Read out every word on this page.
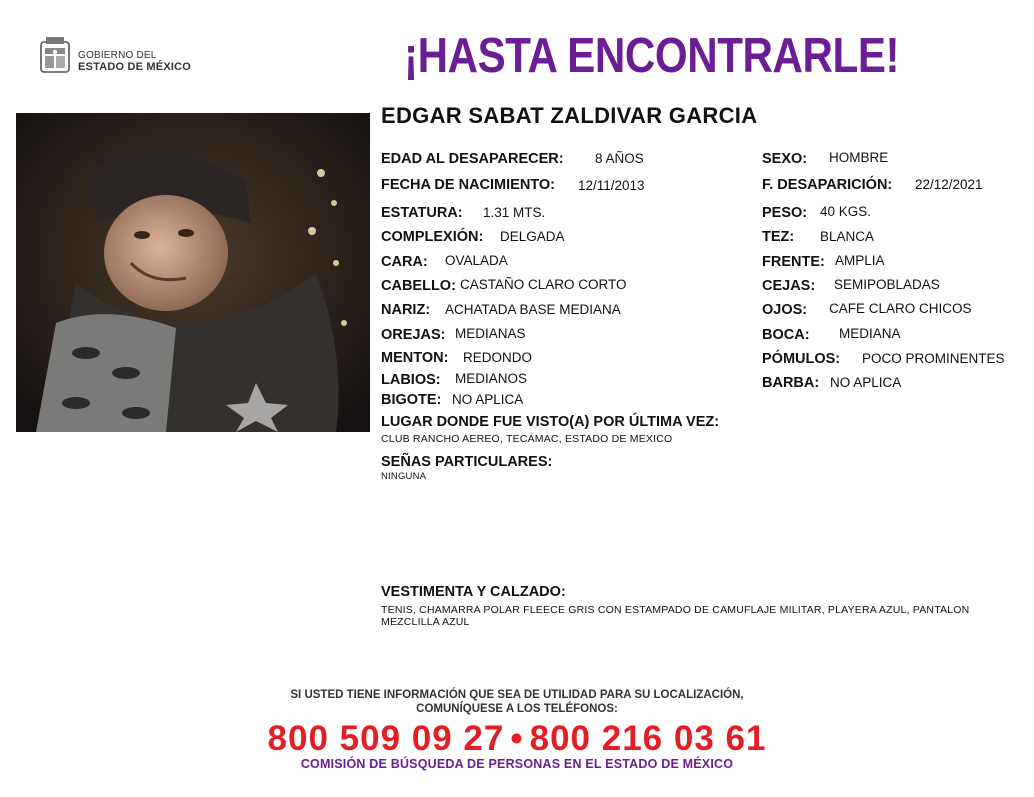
GOBIERNO DEL
ESTADO DE MÉXICO	¡HASTA ENCONTRARLE!
EDGAR SABAT ZALDIVAR GARCIA
EDAD AL DESAPARECER: 8 AÑOS
FECHA DE NACIMIENTO: 12/11/2013
ESTATURA: 1.31 MTS.
COMPLEXIÓN: DELGADA
CARA: OVALADA
CABELLO: CASTAÑO CLARO CORTO
NARIZ: ACHATADA BASE MEDIANA
OREJAS: MEDIANAS
MENTON: REDONDO
LABIOS: MEDIANOS
BIGOTE: NO APLICA
SEXO: HOMBRE
F. DESAPARICIÓN: 22/12/2021
PESO: 40 KGS.
TEZ: BLANCA
FRENTE: AMPLIA
CEJAS: SEMIPOBLADAS
OJOS: CAFE CLARO CHICOS
BOCA: MEDIANA
PÓMULOS: POCO PROMINENTES
BARBA: NO APLICA
LUGAR DONDE FUE VISTO(A) POR ÚLTIMA VEZ:
CLUB RANCHO AEREO, TECÁMAC, ESTADO DE MEXICO
SEÑAS PARTICULARES:
NINGUNA
VESTIMENTA Y CALZADO:
TENIS, CHAMARRA POLAR FLEECE GRIS CON ESTAMPADO DE CAMUFLAJE MILITAR, PLAYERA AZUL, PANTALON
MEZCLILLA AZUL
SI USTED TIENE INFORMACIÓN QUE SEA DE UTILIDAD PARA SU LOCALIZACIÓN,
COMUNÍQUESE A LOS TELÉFONOS:
800 509 09 27 • 800 216 03 61
COMISIÓN DE BÚSQUEDA DE PERSONAS EN EL ESTADO DE MÉXICO
